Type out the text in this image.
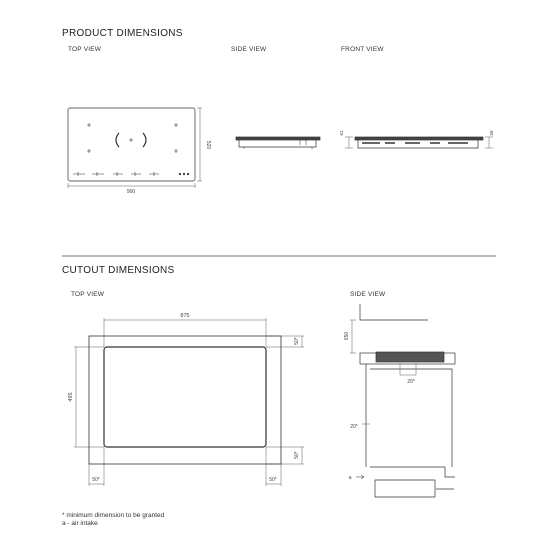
PRODUCT DIMENSIONS
TOP VIEW	SIDE VIEW	FRONT VIEW
CUTOUT DIMENSIONS
TOP VIEW	SIDE VIEW
* minimum dimension to be granted
a - air intake
900
520
61	58
875
495
50*
50*
50*	50*
650
20*
20*
a
